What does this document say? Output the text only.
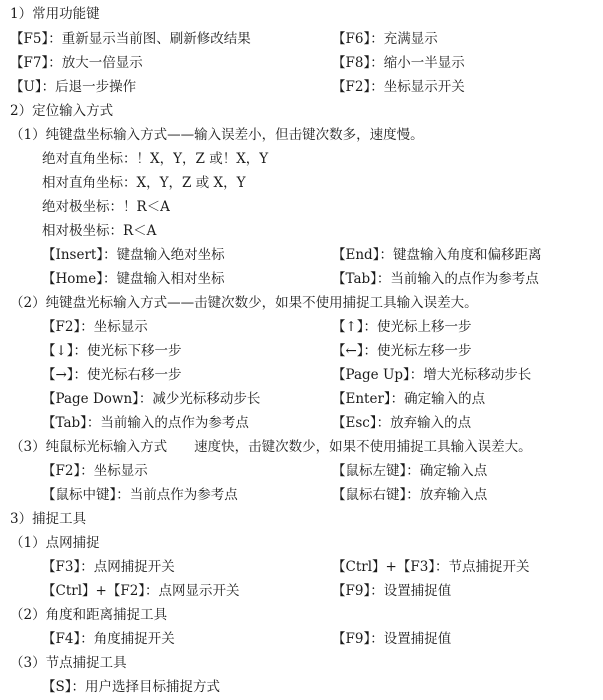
1）常用功能键
【F5】：重新显示当前图、刷新修改结果	【F6】：充满显示
【F7】：放大一倍显示	【F8】：缩小一半显示
【U】：后退一步操作	【F2】：坐标显示开关
2）定位输入方式
（1）纯键盘坐标输入方式——输入误差小，但击键次数多，速度慢。
绝对直角坐标：！X，Y，Z 或！X，Y
相对直角坐标：X，Y，Z 或 X，Y
绝对极坐标：！R＜A
相对极坐标：R＜A
【Insert】：键盘输入绝对坐标	【End】：键盘输入角度和偏移距离
【Home】：键盘输入相对坐标	【Tab】：当前输入的点作为参考点
（2）纯键盘光标输入方式——击键次数少，如果不使用捕捉工具输入误差大。
【F2】：坐标显示	【↑】：使光标上移一步
【↓】：使光标下移一步	【←】：使光标左移一步
【→】：使光标右移一步	【Page Up】：增大光标移动步长
【Page Down】：减少光标移动步长	【Enter】：确定输入的点
【Tab】：当前输入的点作为参考点	【Esc】：放弃输入的点
（3）纯鼠标光标输入方式　　速度快，击键次数少，如果不使用捕捉工具输入误差大。
【F2】：坐标显示	【鼠标左键】：确定输入点
【鼠标中键】：当前点作为参考点	【鼠标右键】：放弃输入点
3）捕捉工具
（1）点网捕捉
【F3】：点网捕捉开关	【Ctrl】+【F3】：节点捕捉开关
【Ctrl】+【F2】：点网显示开关	【F9】：设置捕捉值
（2）角度和距离捕捉工具
【F4】：角度捕捉开关	【F9】：设置捕捉值
（3）节点捕捉工具
【S】：用户选择目标捕捉方式
